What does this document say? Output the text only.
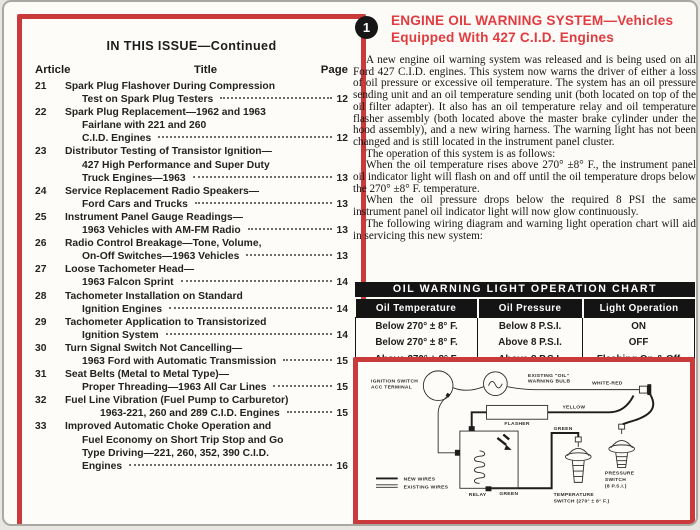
IN THIS ISSUE—Continued
Article	Title	Page
21	Spark Plug Flashover During Compression
Test on Spark Plug Testers	12
22	Spark Plug Replacement—1962 and 1963
Fairlane with 221 and 260
C.I.D. Engines	12
23	Distributor Testing of Transistor Ignition—
427 High Performance and Super Duty
Truck Engines—1963	13
24	Service Replacement Radio Speakers—
Ford Cars and Trucks	13
25	Instrument Panel Gauge Readings—
1963 Vehicles with AM-FM Radio	13
26	Radio Control Breakage—Tone, Volume,
On-Off Switches—1963 Vehicles	13
27	Loose Tachometer Head—
1963 Falcon Sprint	14
28	Tachometer Installation on Standard
Ignition Engines	14
29	Tachometer Application to Transistorized
Ignition System	14
30	Turn Signal Switch Not Cancelling—
1963 Ford with Automatic Transmission	15
31	Seat Belts (Metal to Metal Type)—
Proper Threading—1963 All Car Lines	15
32	Fuel Line Vibration (Fuel Pump to Carburetor)
1963-221, 260 and 289 C.I.D. Engines	15
33	Improved Automatic Choke Operation and
Fuel Economy on Short Trip Stop and Go
Type Driving—221, 260, 352, 390 C.I.D.
Engines	16
1	ENGINE OIL WARNING SYSTEM—Vehicles
Equipped With 427 C.I.D. Engines

A new engine oil warning system was released and is being used on all Ford 427 C.I.D. engines. This system now warns the driver of either a loss of oil pressure or excessive oil temperature. The system has an oil pressure sending unit and an oil temperature sending unit (both located on top of the oil filter adapter). It also has an oil temperature relay and oil temperature flasher assembly (both located above the master brake cylinder under the hood assembly), and a new wiring harness. The warning light has not been changed and is still located in the instrument panel cluster.

The operation of this system is as follows:

When the oil temperature rises above 270° ±8° F., the instrument panel oil indicator light will flash on and off until the oil temperature drops below the 270° ±8° F. temperature.

When the oil pressure drops below the required 8 PSI the same instrument panel oil indicator light will now glow continuously.

The following wiring diagram and warning light operation chart will aid in servicing this new system:

OIL WARNING LIGHT OPERATION CHART
Oil Temperature	Oil Pressure	Light Operation
Below 270° ± 8° F.	Below 8 P.S.I.	ON
Below 270° ± 8° F.	Above 8 P.S.I.	OFF

IGNITION SWITCH
ACC TERMINAL
EXISTING "OIL"
WARNING BULB	WHITE-RED
YELLOW
GREEN
FLASHER
RELAY	GREEN	TEMPERATURE
SWITCH (270° ± 8° F.)
PRESSURE
SWITCH
(8 P.S.I.)
NEW WIRES
EXISTING WIRES
